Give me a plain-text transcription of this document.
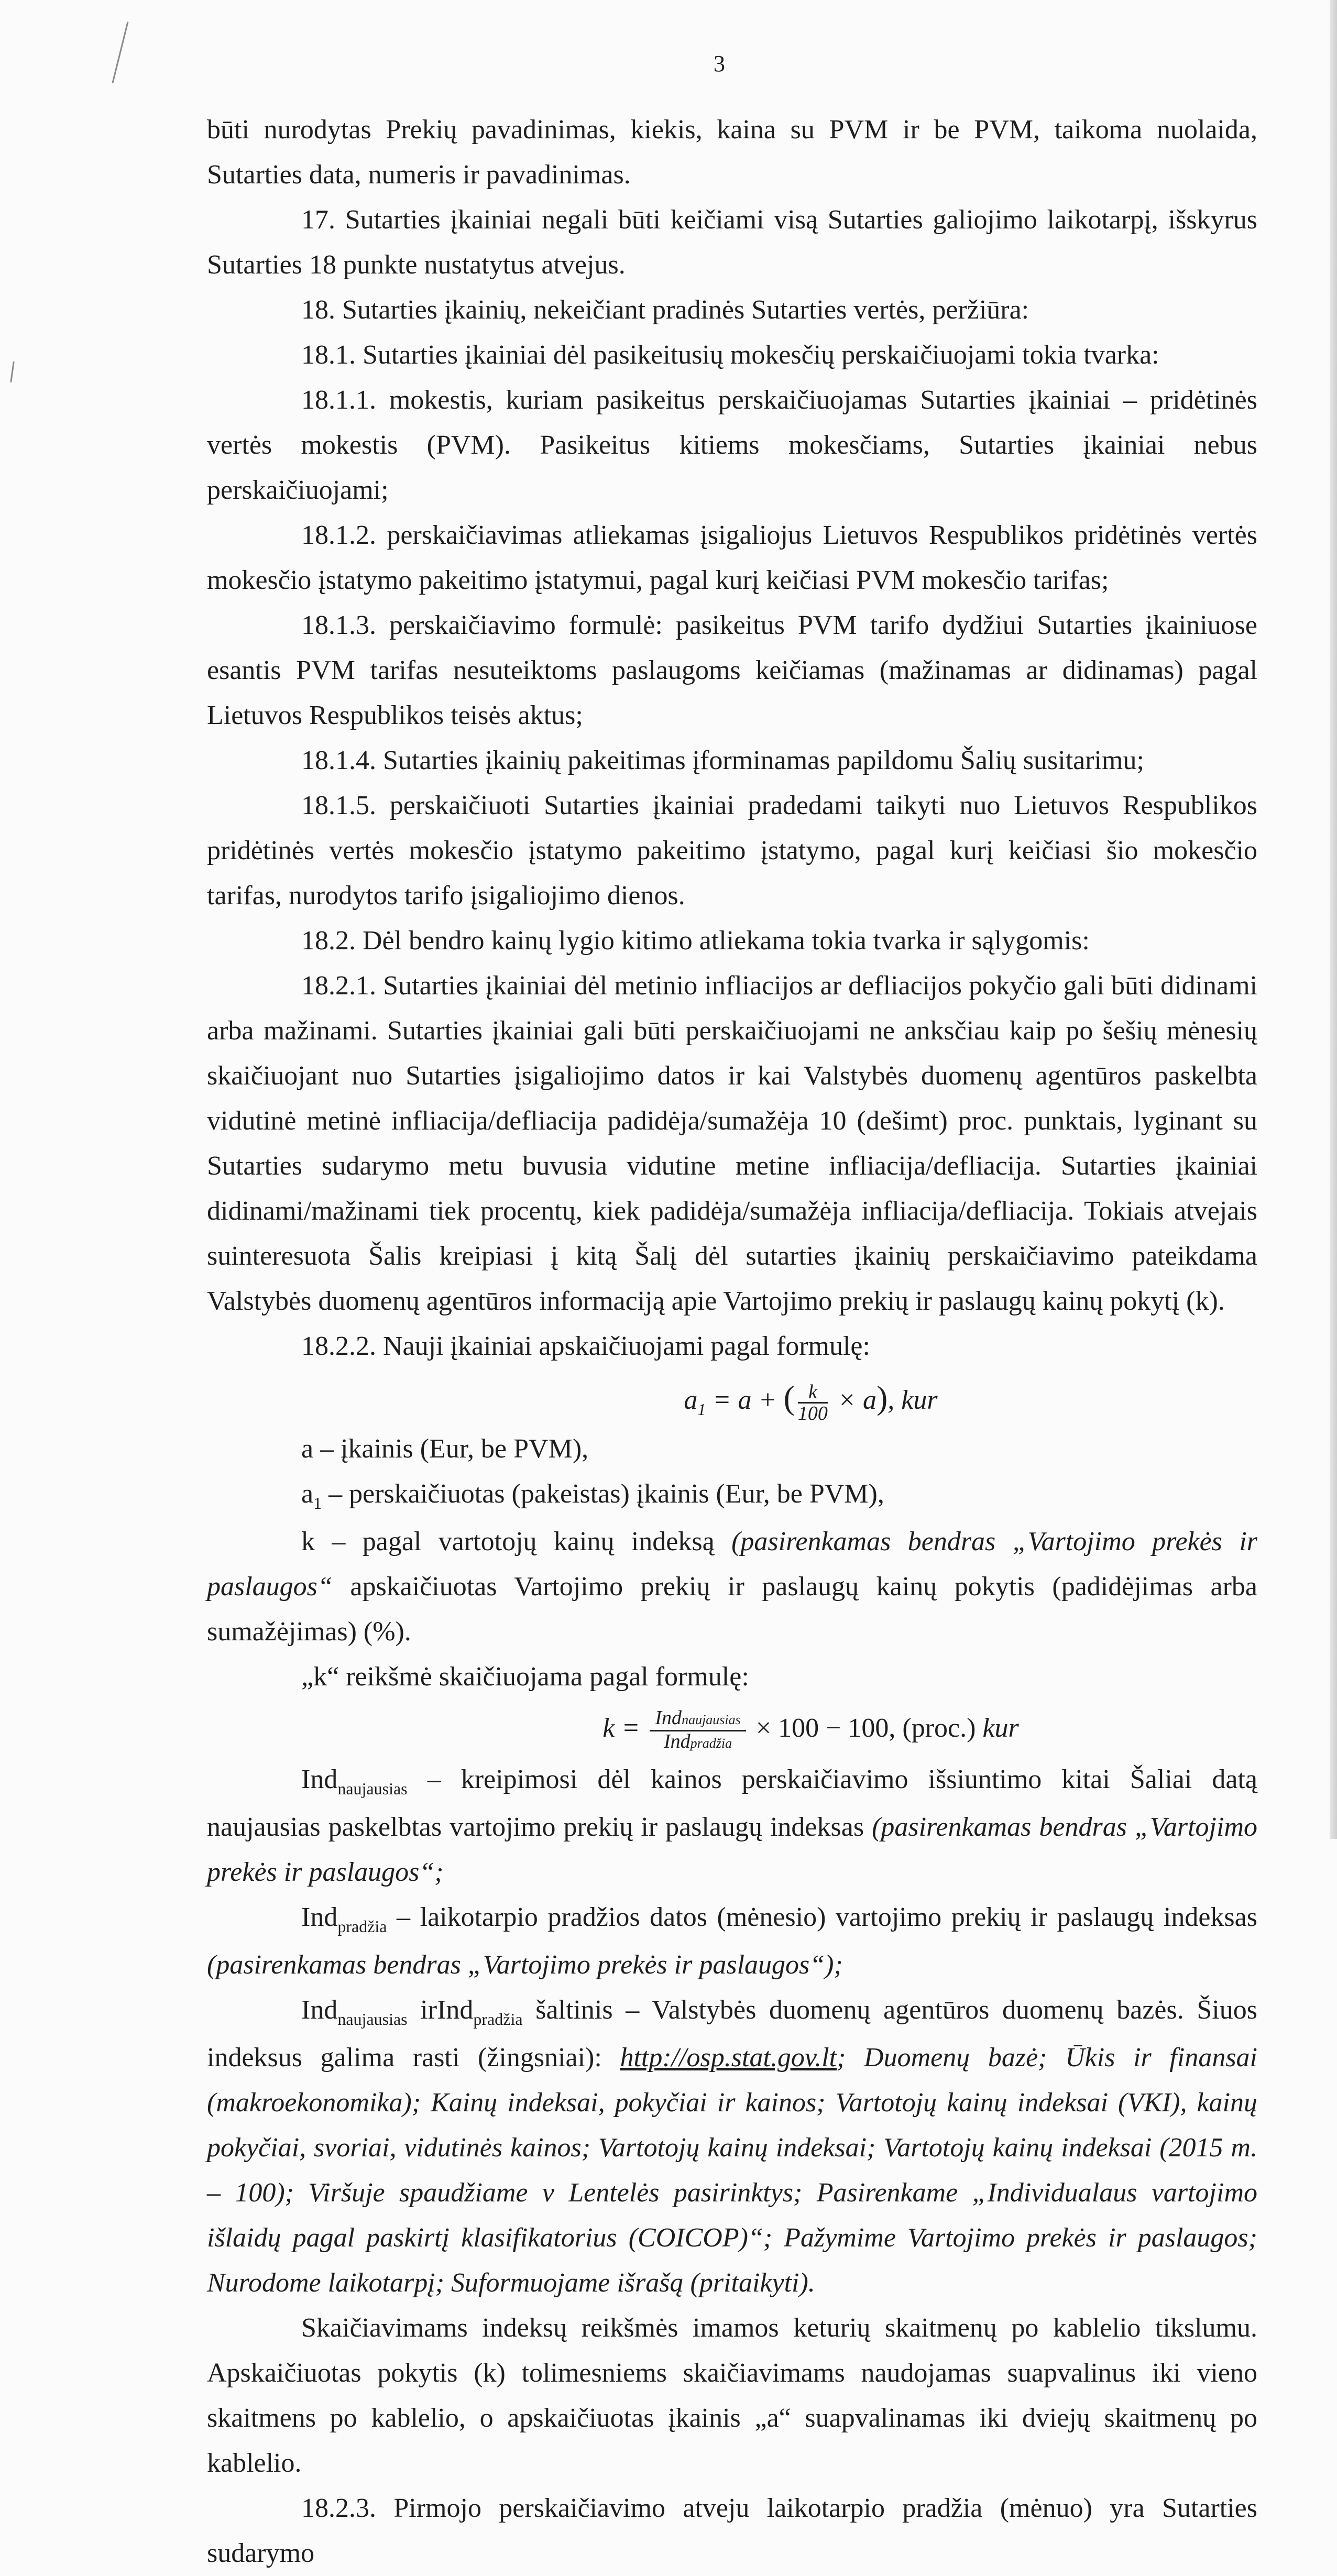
3

būti nurodytas Prekių pavadinimas, kiekis, kaina su PVM ir be PVM, taikoma nuolaida, Sutarties data, numeris ir pavadinimas.

17. Sutarties įkainiai negali būti keičiami visą Sutarties galiojimo laikotarpį, išskyrus Sutarties 18 punkte nustatytus atvejus.

18. Sutarties įkainių, nekeičiant pradinės Sutarties vertės, peržiūra:

18.1. Sutarties įkainiai dėl pasikeitusių mokesčių perskaičiuojami tokia tvarka:

18.1.1. mokestis, kuriam pasikeitus perskaičiuojamas Sutarties įkainiai – pridėtinės vertės mokestis (PVM). Pasikeitus kitiems mokesčiams, Sutarties įkainiai nebus perskaičiuojami;

18.1.2. perskaičiavimas atliekamas įsigaliojus Lietuvos Respublikos pridėtinės vertės mokesčio įstatymo pakeitimo įstatymui, pagal kurį keičiasi PVM mokesčio tarifas;

18.1.3. perskaičiavimo formulė: pasikeitus PVM tarifo dydžiui Sutarties įkainiuose esantis PVM tarifas nesuteiktoms paslaugoms keičiamas (mažinamas ar didinamas) pagal Lietuvos Respublikos teisės aktus;

18.1.4. Sutarties įkainių pakeitimas įforminamas papildomu Šalių susitarimu;

18.1.5. perskaičiuoti Sutarties įkainiai pradedami taikyti nuo Lietuvos Respublikos pridėtinės vertės mokesčio įstatymo pakeitimo įstatymo, pagal kurį keičiasi šio mokesčio tarifas, nurodytos tarifo įsigaliojimo dienos.

18.2. Dėl bendro kainų lygio kitimo atliekama tokia tvarka ir sąlygomis:

18.2.1. Sutarties įkainiai dėl metinio infliacijos ar defliacijos pokyčio gali būti didinami arba mažinami. Sutarties įkainiai gali būti perskaičiuojami ne anksčiau kaip po šešių mėnesių skaičiuojant nuo Sutarties įsigaliojimo datos ir kai Valstybės duomenų agentūros paskelbta vidutinė metinė infliacija/defliacija padidėja/sumažėja 10 (dešimt) proc. punktais, lyginant su Sutarties sudarymo metu buvusia vidutine metine infliacija/defliacija. Sutarties įkainiai didinami/mažinami tiek procentų, kiek padidėja/sumažėja infliacija/defliacija. Tokiais atvejais suinteresuota Šalis kreipiasi į kitą Šalį dėl sutarties įkainių perskaičiavimo pateikdama Valstybės duomenų agentūros informaciją apie Vartojimo prekių ir paslaugų kainų pokytį (k).

18.2.2. Nauji įkainiai apskaičiuojami pagal formulę:

$a_1 = a$ + ( $\frac{k}{100} \times a$), kur

a – įkainis (Eur, be PVM),

$a_1$ – perskaičiuotas (pakeistas) įkainis (Eur, be PVM),

k – pagal vartotojų kainų indeksą (pasirenkamas bendras „Vartojimo prekės ir paslaugos“ apskaičiuotas Vartojimo prekių ir paslaugų kainų pokytis (padidėjimas arba sumažėjimas) (%).

„k“ reikšmė skaičiuojama pagal formulę:

$k = \frac{\text{Indnaujausias}}{\text{Indpradžia}} \times 100 - 100$, (proc.) kur

Ind$_{naujausias}$ – kreipimosi dėl kainos perskaičiavimo išsiuntimo kitai Šaliai datą naujausias paskelbtas vartojimo prekių ir paslaugų indeksas (pasirenkamas bendras „Vartojimo prekės ir paslaugos“;

Ind$_{pradžia}$ – laikotarpio pradžios datos (mėnesio) vartojimo prekių ir paslaugų indeksas (pasirenkamas bendras „Vartojimo prekės ir paslaugos“);

Ind$_{naujausias}$ irInd$_{pradžia}$ šaltinis – Valstybės duomenų agentūros duomenų bazės. Šiuos indeksus galima rasti (žingsniai): http://osp.stat.gov.lt; Duomenų bazė; Ūkis ir finansai (makroekonomika); Kainų indeksai, pokyčiai ir kainos; Vartotojų kainų indeksai (VKI), kainų pokyčiai, svoriai, vidutinės kainos; Vartotojų kainų indeksai; Vartotojų kainų indeksai (2015 m. – 100); Viršuje spaudžiame v Lentelės pasirinktys; Pasirenkame „Individualaus vartojimo išlaidų pagal paskirtį klasifikatorius (COICOP)“; Pažymime Vartojimo prekės ir paslaugos; Nurodome laikotarpį; Suformuojame išrašą (pritaikyti).

Skaičiavimams indeksų reikšmės imamos keturių skaitmenų po kablelio tikslumu. Apskaičiuotas pokytis (k) tolimesniems skaičiavimams naudojamas suapvalinus iki vieno skaitmens po kablelio, o apskaičiuotas įkainis „a“ suapvalinamas iki dviejų skaitmenų po kablelio.

18.2.3. Pirmojo perskaičiavimo atveju laikotarpio pradžia (mėnuo) yra Sutarties sudarymo
